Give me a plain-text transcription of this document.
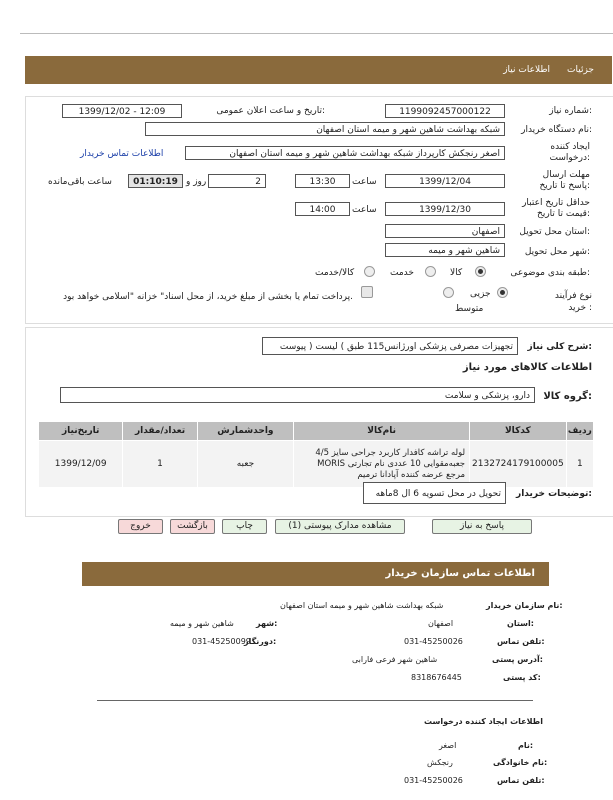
جزئیات
اطلاعات نیاز
شماره نیاز:
1199092457000122
تاریخ و ساعت اعلان عمومی:
1399/12/02 - 12:09
نام دستگاه خریدار:
شبکه بهداشت شاهین شهر و میمه استان اصفهان
ایجاد کننده درخواست:
اصغر رنجکش کارپرداز شبکه بهداشت شاهین شهر و میمه استان اصفهان
اطلاعات تماس خریدار
مهلت ارسال پاسخ تا تاریخ:
1399/12/04
ساعت
13:30
2
روز و
01:10:19
ساعت باقی‌مانده
حداقل تاریخ اعتبار قیمت تا تاریخ:
1399/12/30
ساعت
14:00
استان محل تحویل:
اصفهان
شهر محل تحویل:
شاهین شهر و میمه
طبقه بندی موضوعی:
کالا
خدمت
کالا/خدمت
نوع فرآیند خرید :
جزیی
متوسط
پرداخت تمام یا بخشی از مبلغ خرید، از محل اسناد" خزانه "اسلامی خواهد بود.
شرح کلی نیاز:
تجهیزات مصرفی پزشکی اورژانس115 طبق ) لیست ( پیوست
اطلاعات کالاهای مورد نیاز
گروه کالا:
دارو، پزشکی و سلامت
ردیف	کدکالا	نام‌کالا	واحدشمارش	تعداد/مقدار	تاریخ‌نیاز
1	2132724179100005	لوله تراشه کافدار کاربرد جراحی سایز 4/5 جعبه‌مقوایی 10 عددی نام تجارتی MORIS مرجع عرضه کننده آپادانا ترمیم	جعبه	1	1399/12/09
توضیحات خریدار:
تحویل در محل تسویه 6 ال 8ماهه
پاسخ به نیاز
مشاهده مدارک پیوستی (1)
چاپ
بازگشت
خروج
اطلاعات تماس سازمان خریدار
نام سازمان خریدار:
شبکه بهداشت شاهین شهر و میمه استان اصفهان
استان:
اصفهان
شهر:
شاهین شهر و میمه
تلفن تماس:
031-45250026
دورنگار:
031-45250099
آدرس پستی:
شاهین شهر فرعی فارابی
کد پستی:
8318676445
اطلاعات ایجاد کننده درخواست
نام:
اصغر
نام خانوادگی:
رنجکش
تلفن تماس:
031-45250026
